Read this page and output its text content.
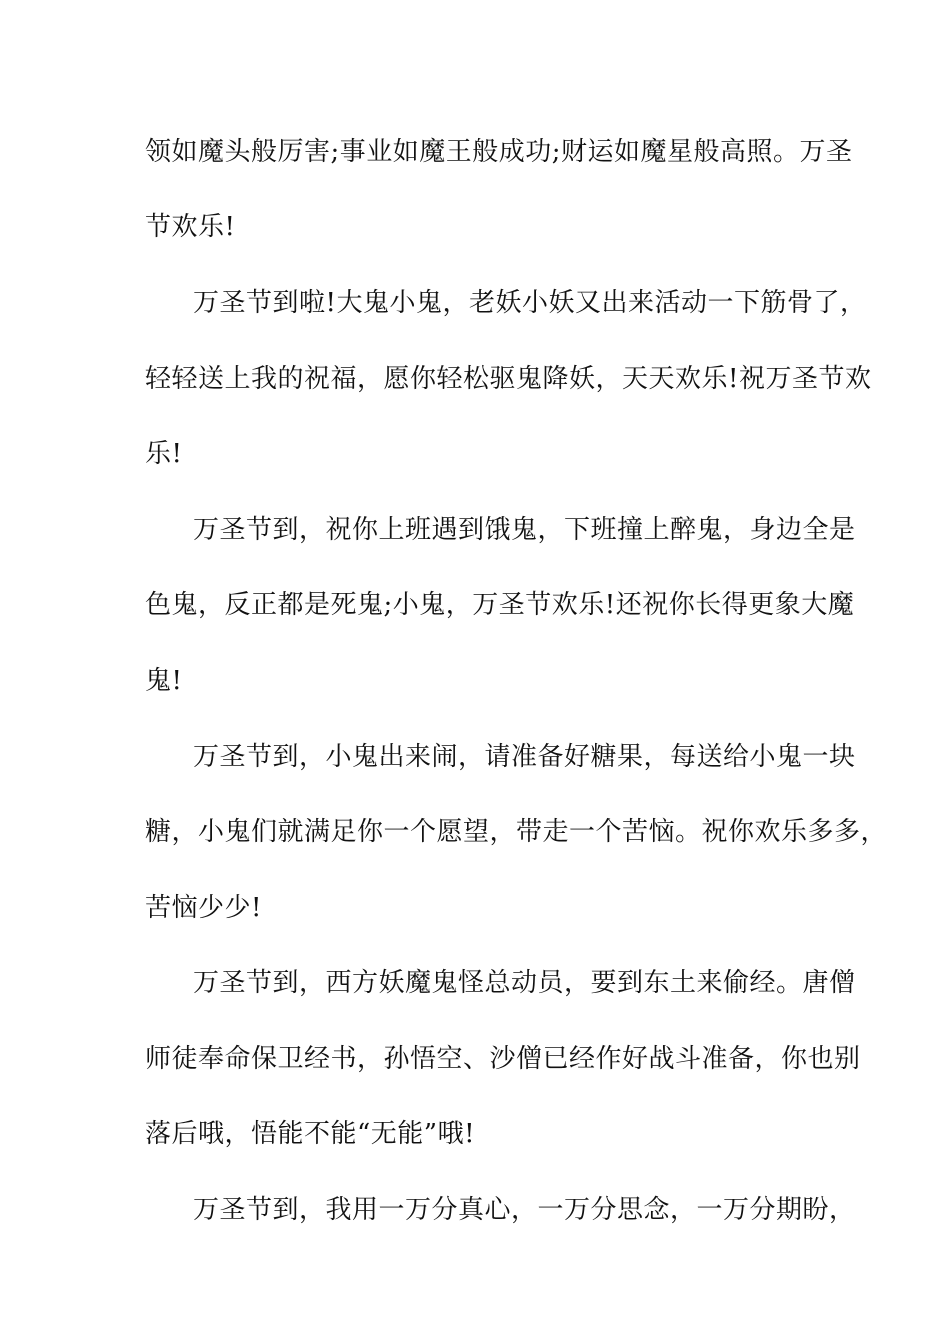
领如魔头般厉害;事业如魔王般成功;财运如魔星般高照。万圣
节欢乐!
万圣节到啦!大鬼小鬼，老妖小妖又出来活动一下筋骨了，
轻轻送上我的祝福，愿你轻松驱鬼降妖，天天欢乐!祝万圣节欢
乐!
万圣节到，祝你上班遇到饿鬼，下班撞上醉鬼，身边全是
色鬼，反正都是死鬼;小鬼，万圣节欢乐!还祝你长得更象大魔
鬼!
万圣节到，小鬼出来闹，请准备好糖果，每送给小鬼一块
糖，小鬼们就满足你一个愿望，带走一个苦恼。祝你欢乐多多，
苦恼少少!
万圣节到，西方妖魔鬼怪总动员，要到东土来偷经。唐僧
师徒奉命保卫经书，孙悟空、沙僧已经作好战斗准备，你也别
落后哦，悟能不能“无能”哦!
万圣节到，我用一万分真心，一万分思念，一万分期盼，
